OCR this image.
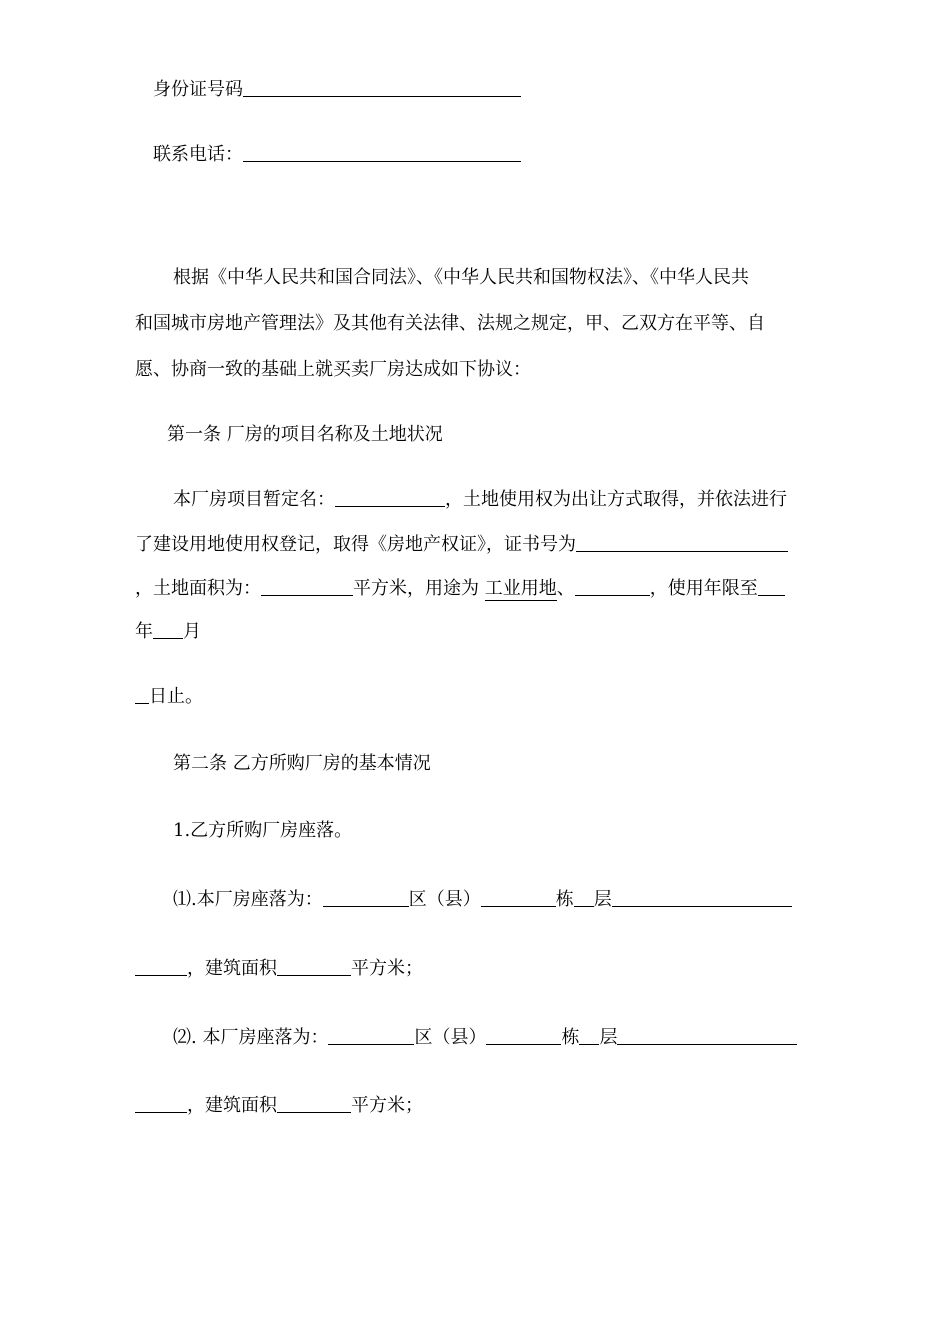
身份证号码
联系电话：
根据《中华人民共和国合同法》、《中华人民共和国物权法》、《中华人民共
和国城市房地产管理法》及其他有关法律、法规之规定，甲、乙双方在平等、自
愿、协商一致的基础上就买卖厂房达成如下协议：
第一条 厂房的项目名称及土地状况
本厂房项目暂定名：	，土地使用权为出让方式取得，并依法进行
了建设用地使用权登记，取得《房地产权证》，证书号为
，土地面积为：	平方米，用途为 工业用地、	，使用年限至
年 月
日止。
第二条 乙方所购厂房的基本情况
1.乙方所购厂房座落。
⑴.本厂房座落为：	区（县）	栋 层
，建筑面积	平方米；
⑵. 本厂房座落为：	区（县）	栋 层
，建筑面积	平方米；
